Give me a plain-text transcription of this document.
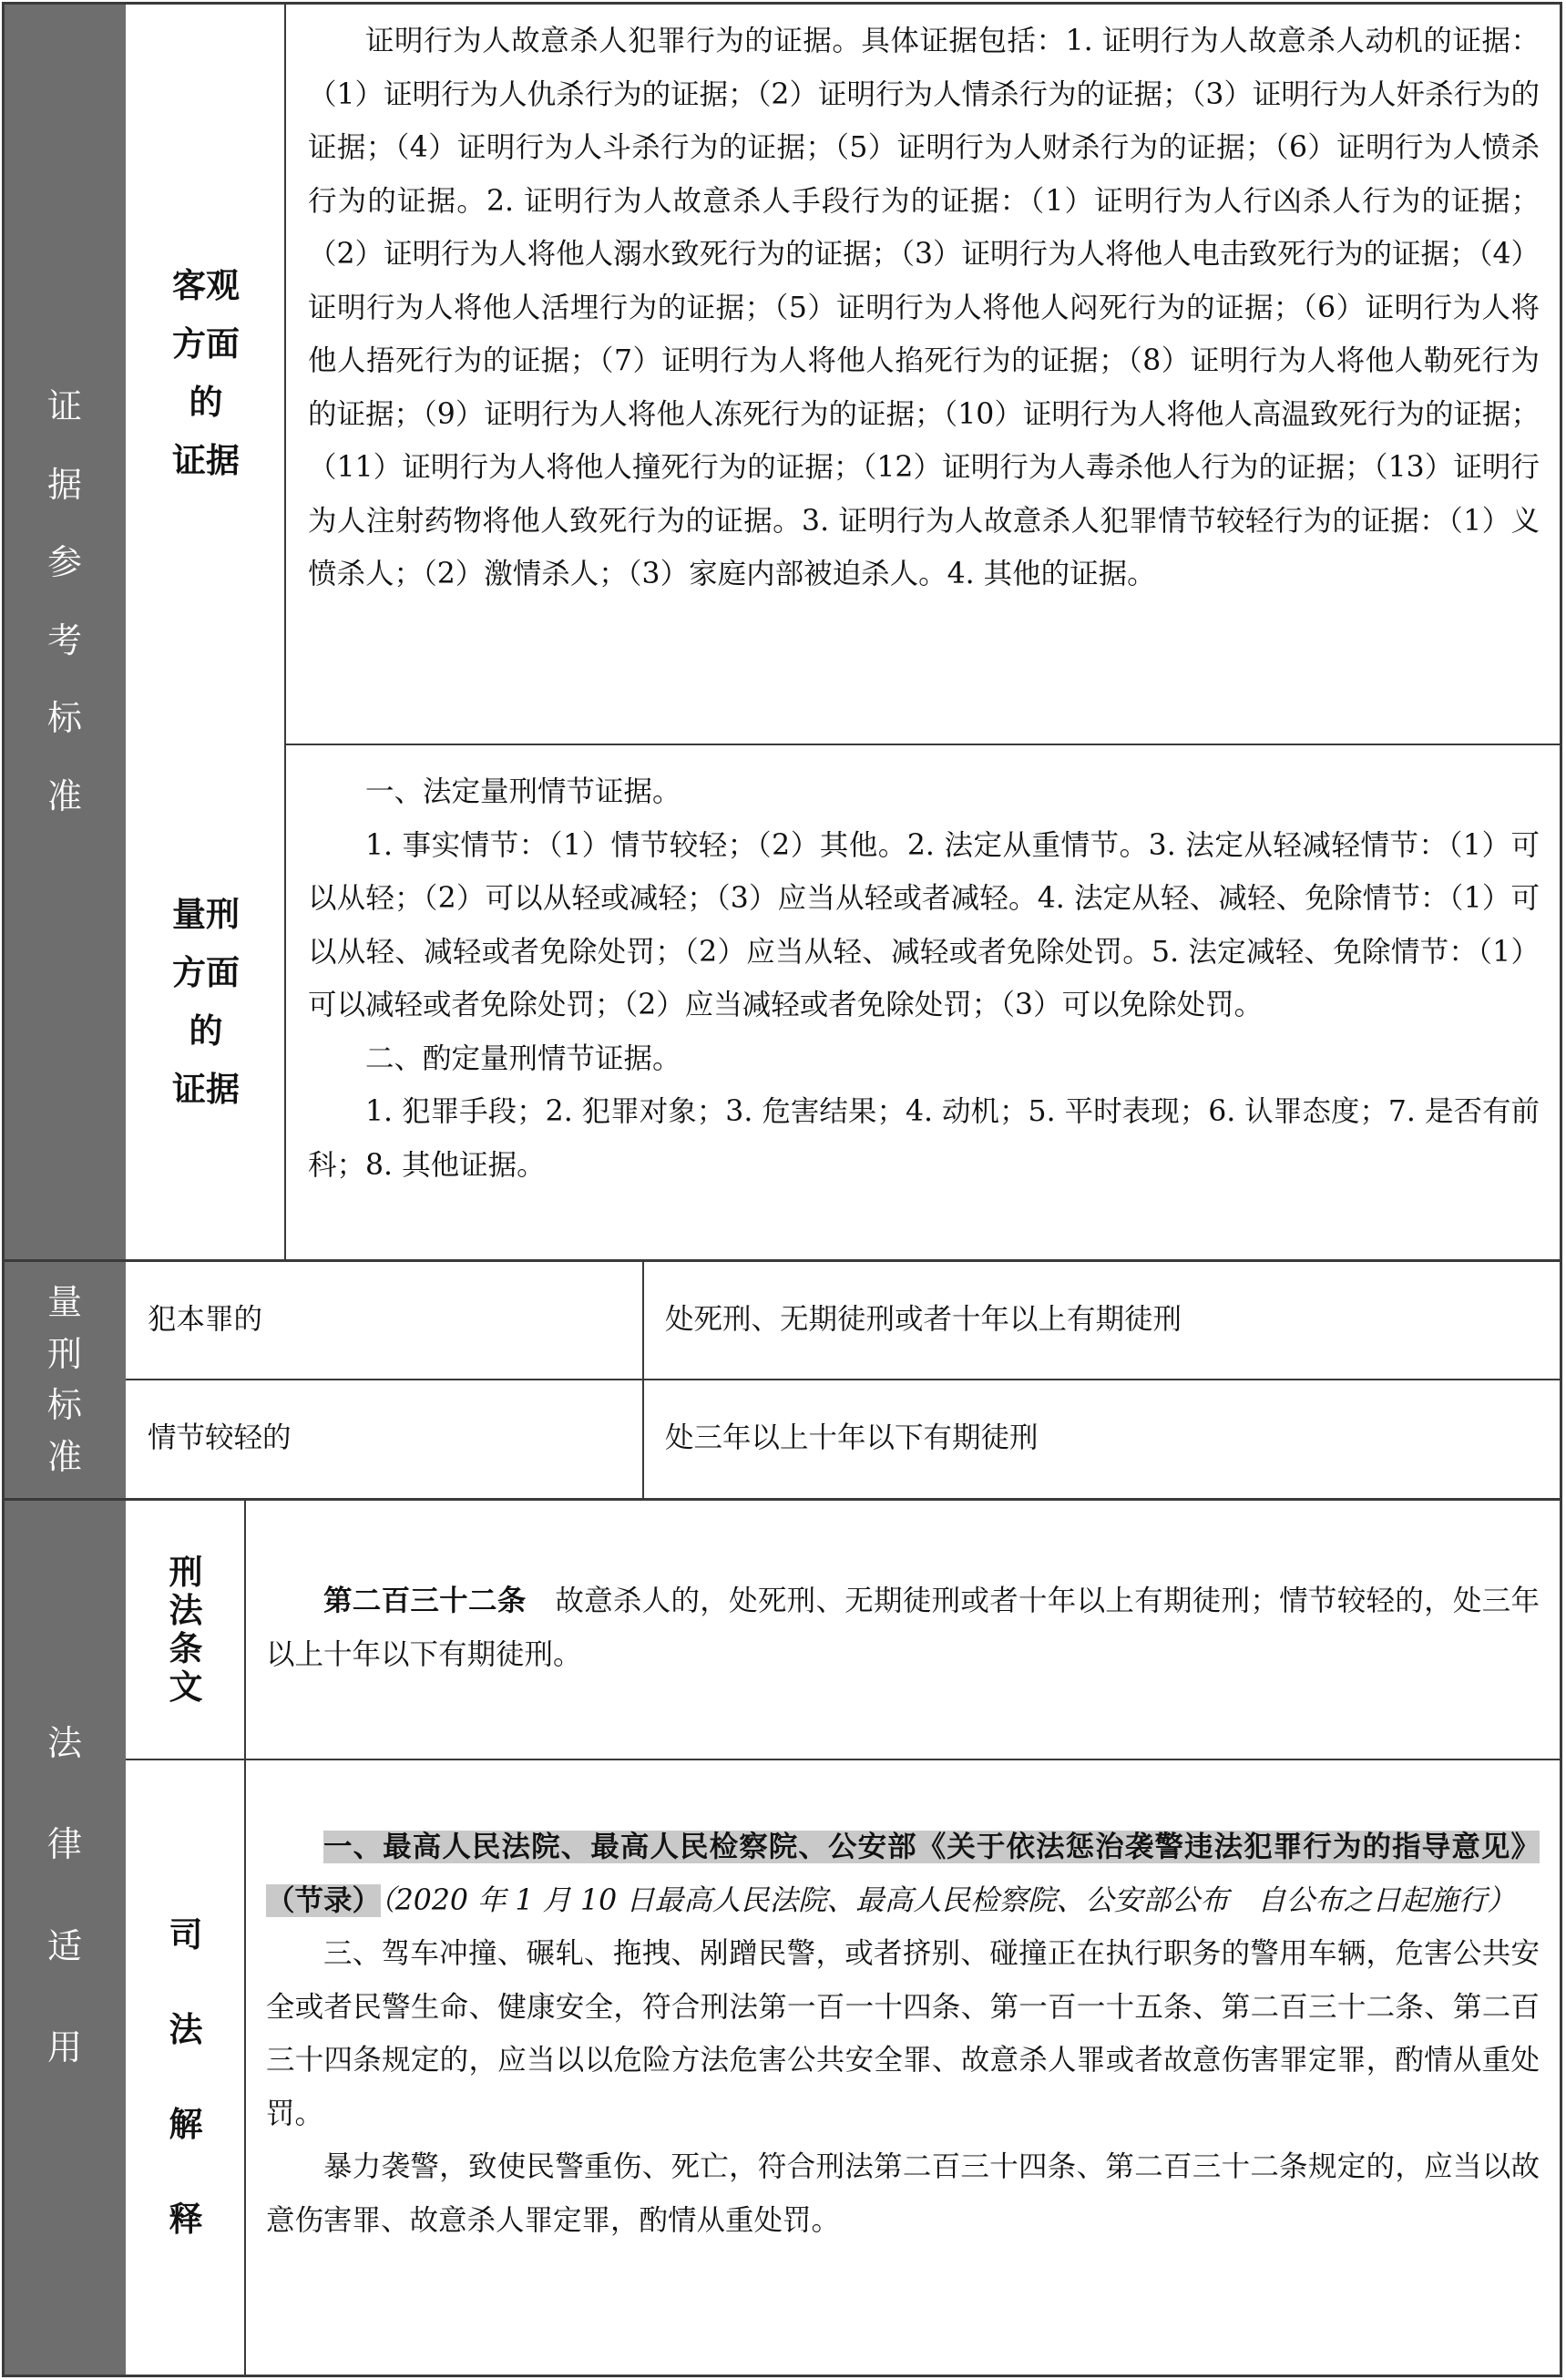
证
据
参
考
标
准
客观
方面
的
证据

证明行为人故意杀人犯罪行为的证据。具体证据包括：1. 证明行为人故意杀人动机的证据：（1）证明行为人仇杀行为的证据；（2）证明行为人情杀行为的证据；（3）证明行为人奸杀行为的证据；（4）证明行为人斗杀行为的证据；（5）证明行为人财杀行为的证据；（6）证明行为人愤杀行为的证据。2. 证明行为人故意杀人手段行为的证据：（1）证明行为人行凶杀人行为的证据；（2）证明行为人将他人溺水致死行为的证据；（3）证明行为人将他人电击致死行为的证据；（4）证明行为人将他人活埋行为的证据；（5）证明行为人将他人闷死行为的证据；（6）证明行为人将他人捂死行为的证据；（7）证明行为人将他人掐死行为的证据；（8）证明行为人将他人勒死行为的证据；（9）证明行为人将他人冻死行为的证据；（10）证明行为人将他人高温致死行为的证据；（11）证明行为人将他人撞死行为的证据；（12）证明行为人毒杀他人行为的证据；（13）证明行为人注射药物将他人致死行为的证据。3. 证明行为人故意杀人犯罪情节较轻行为的证据：（1）义愤杀人；（2）激情杀人；（3）家庭内部被迫杀人。4. 其他的证据。

量刑
方面
的
证据

一、法定量刑情节证据。

1. 事实情节：（1）情节较轻；（2）其他。2. 法定从重情节。3. 法定从轻减轻情节：（1）可以从轻；（2）可以从轻或减轻；（3）应当从轻或者减轻。4. 法定从轻、减轻、免除情节：（1）可以从轻、减轻或者免除处罚；（2）应当从轻、减轻或者免除处罚。5. 法定减轻、免除情节：（1）可以减轻或者免除处罚；（2）应当减轻或者免除处罚；（3）可以免除处罚。

二、酌定量刑情节证据。

1. 犯罪手段；2. 犯罪对象；3. 危害结果；4. 动机；5. 平时表现；6. 认罪态度；7. 是否有前科；8. 其他证据。

量
刑
标
准
犯本罪的	处死刑、无期徒刑或者十年以上有期徒刑
情节较轻的	处三年以上十年以下有期徒刑
法
律
适
用
刑
法
条
文

第二百三十二条　 故意杀人的，处死刑、无期徒刑或者十年以上有期徒刑；情节较轻的，处三年以上十年以下有期徒刑。

司
法
解
释

一、最高人民法院、最高人民检察院、公安部《关于依法惩治袭警违法犯罪行为的指导意见》（节录）（2020 年 1 月 10 日最高人民法院、最高人民检察院、公安部公布　自公布之日起施行）

三、驾车冲撞、碾轧、拖拽、剐蹭民警，或者挤别、碰撞正在执行职务的警用车辆，危害公共安全或者民警生命、健康安全，符合刑法第一百一十四条、第一百一十五条、第二百三十二条、第二百三十四条规定的，应当以以危险方法危害公共安全罪、故意杀人罪或者故意伤害罪定罪，酌情从重处罚。

暴力袭警，致使民警重伤、死亡，符合刑法第二百三十四条、第二百三十二条规定的，应当以故意伤害罪、故意杀人罪定罪，酌情从重处罚。
